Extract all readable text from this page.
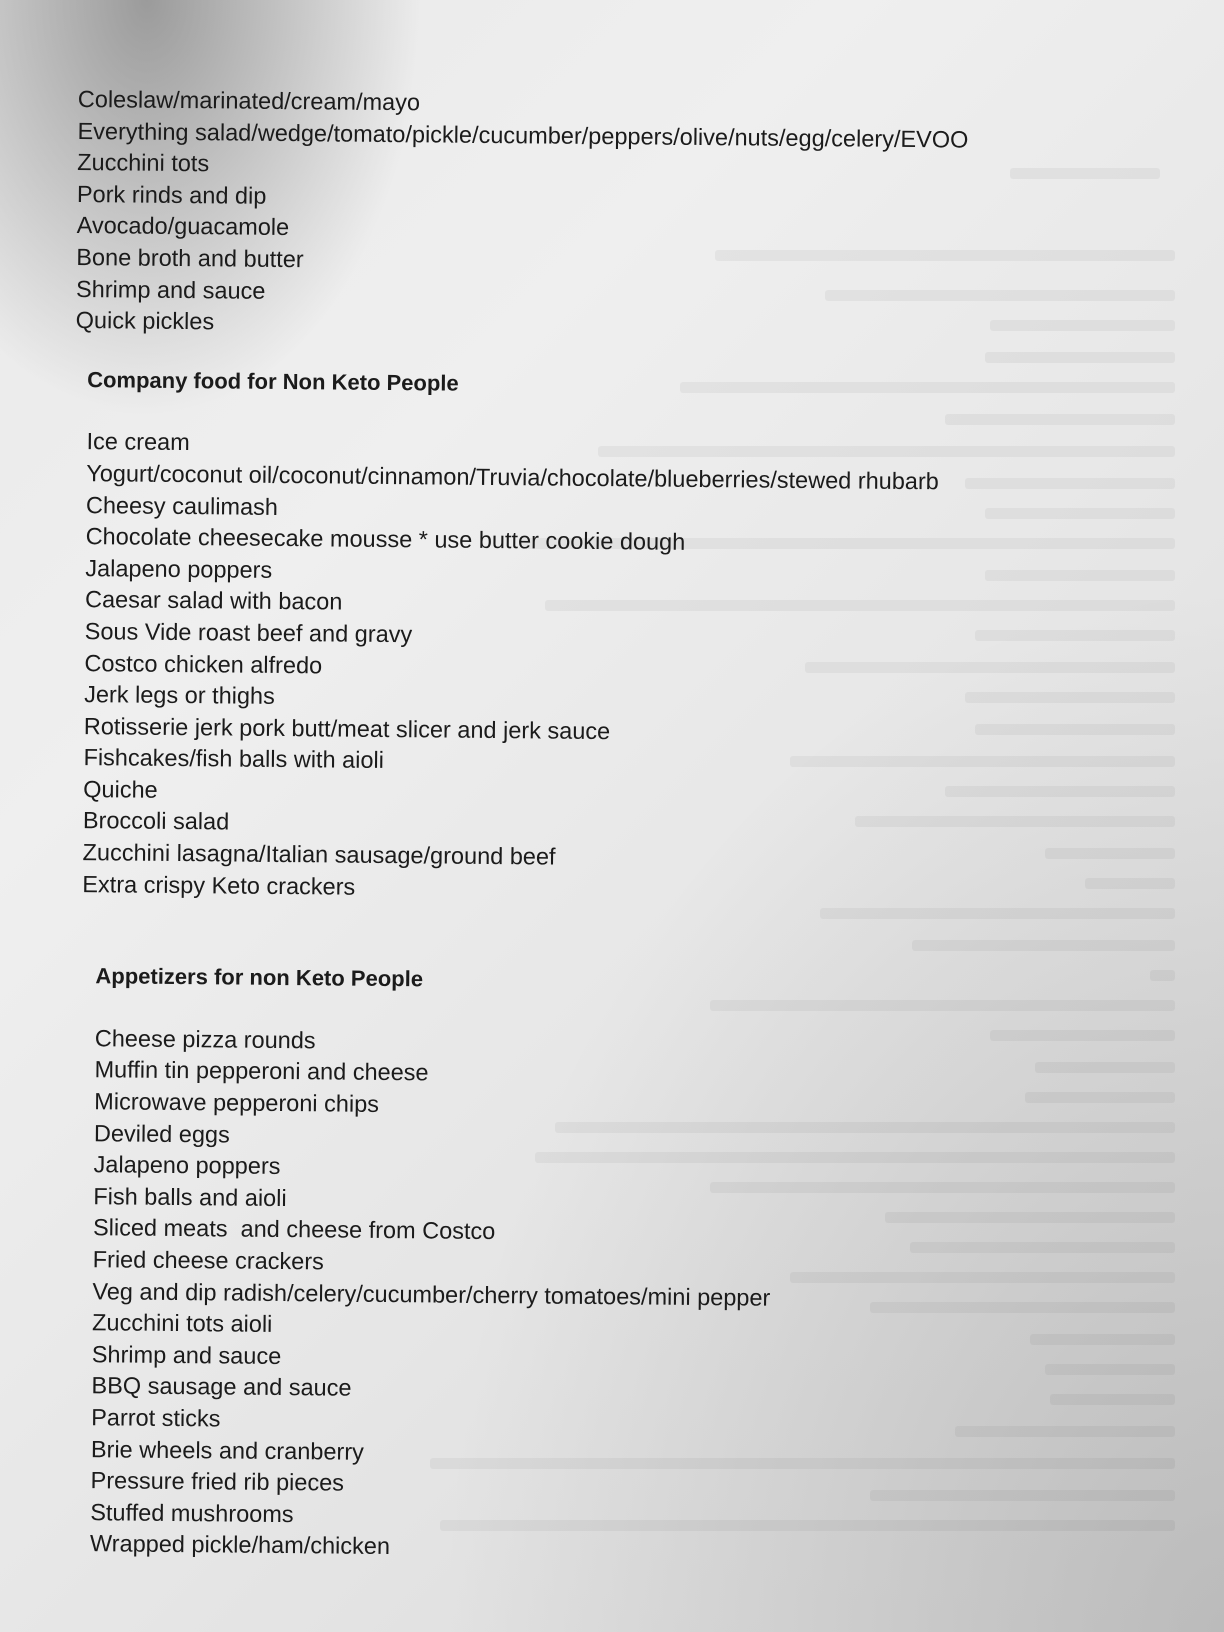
Coleslaw/marinated/cream/mayo
Everything salad/wedge/tomato/pickle/cucumber/peppers/olive/nuts/egg/celery/EVOO
Zucchini tots
Pork rinds and dip
Avocado/guacamole
Bone broth and butter
Shrimp and sauce
Quick pickles
Company food for Non Keto People
Ice cream
Yogurt/coconut oil/coconut/cinnamon/Truvia/chocolate/blueberries/stewed rhubarb
Cheesy caulimash
Chocolate cheesecake mousse * use butter cookie dough
Jalapeno poppers
Caesar salad with bacon
Sous Vide roast beef and gravy
Costco chicken alfredo
Jerk legs or thighs
Rotisserie jerk pork butt/meat slicer and jerk sauce
Fishcakes/fish balls with aioli
Quiche
Broccoli salad
Zucchini lasagna/Italian sausage/ground beef
Extra crispy Keto crackers
Appetizers for non Keto People
Cheese pizza rounds
Muffin tin pepperoni and cheese
Microwave pepperoni chips
Deviled eggs
Jalapeno poppers
Fish balls and aioli
Sliced meats  and cheese from Costco
Fried cheese crackers
Veg and dip radish/celery/cucumber/cherry tomatoes/mini pepper
Zucchini tots aioli
Shrimp and sauce
BBQ sausage and sauce
Parrot sticks
Brie wheels and cranberry
Pressure fried rib pieces
Stuffed mushrooms
Wrapped pickle/ham/chicken
